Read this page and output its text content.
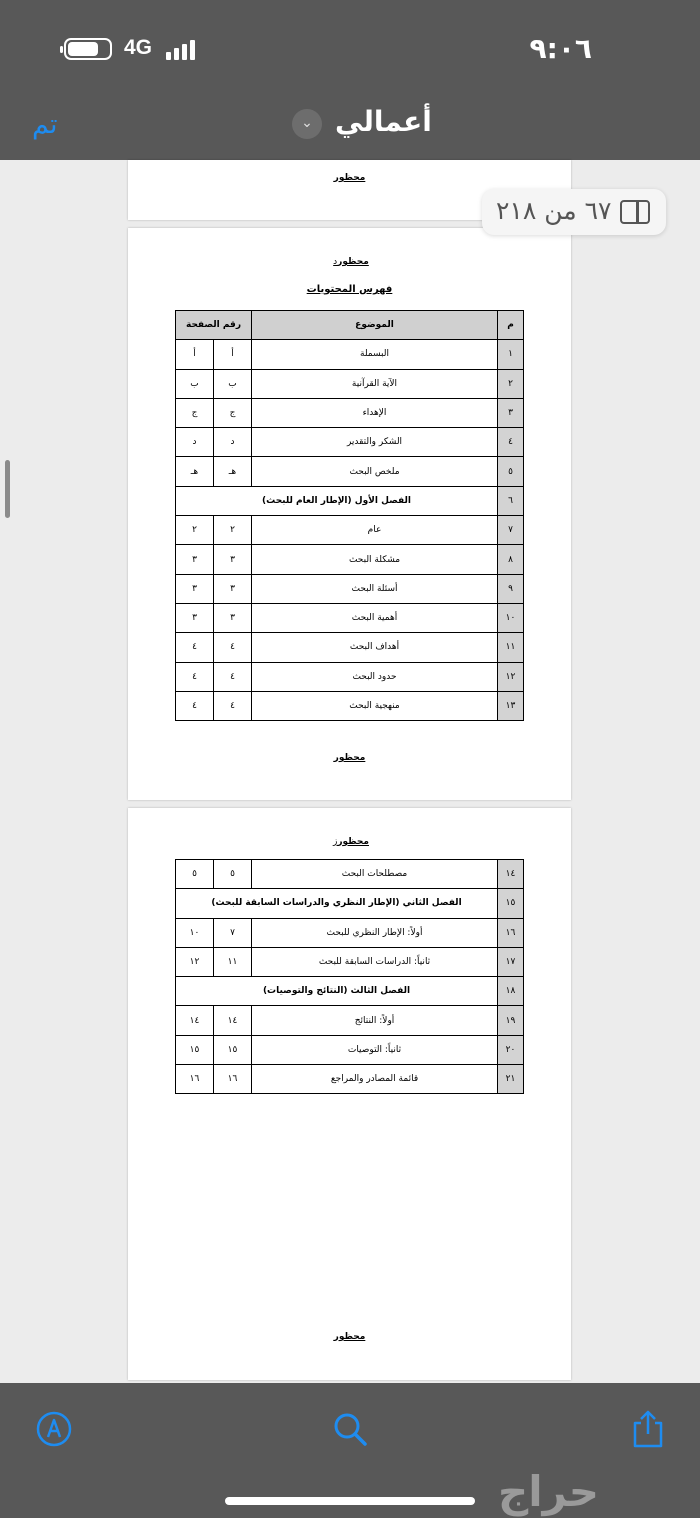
4G	٩:٠٦
تم	⌄ أعمالي
محظور
محظورد
فهرس المحتويات
م	الموضوع	رقم الصفحة	
١	البسملة	أ	أ
٢	الآية القرآنية	ب	ب
٣	الإهداء	ج	ج
٤	الشكر والتقدير	د	د
٥	ملخص البحث	هـ	هـ
٦	الفصل الأول (الإطار العام للبحث)		
٧	عام	٢	٢
٨	مشكلة البحث	٣	٣
٩	أسئلة البحث	٣	٣
١٠	أهمية البحث	٣	٣
١١	أهداف البحث	٤	٤
١٢	حدود البحث	٤	٤
١٣	منهجية البحث	٤	٤
محظور
محظورز
١٤	مصطلحات البحث	٥	٥
١٥	الفصل الثاني (الإطار النظري والدراسات السابقة للبحث)		
١٦	أولاً: الإطار النظري للبحث	٧	١٠
١٧	ثانياً: الدراسات السابقة للبحث	١١	١٢
١٨	الفصل الثالث (النتائج والتوصيات)		
١٩	أولاً: النتائج	١٤	١٤
٢٠	ثانياً: التوصيات	١٥	١٥
٢١	قائمة المصادر والمراجع	١٦	١٦
محظور
٦٧ من ٢١٨
حراج
